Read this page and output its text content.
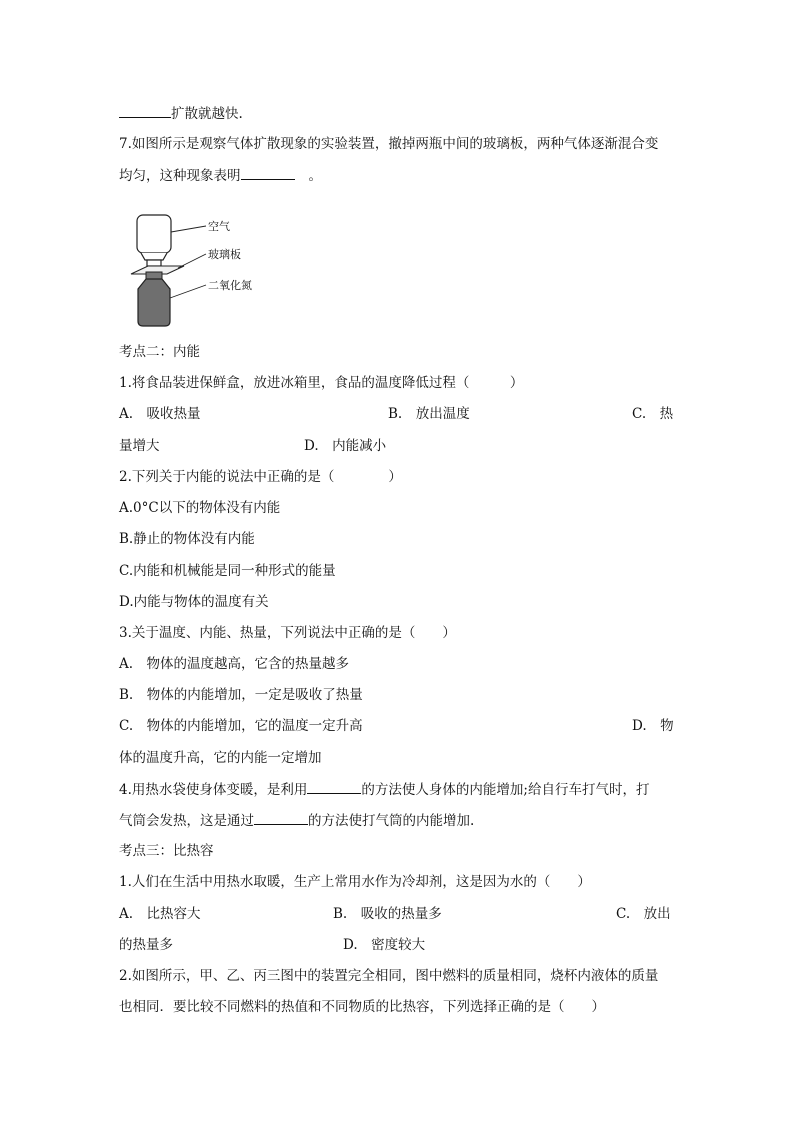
扩散就越快.
7.如图所示是观察气体扩散现象的实验装置，撤掉两瓶中间的玻璃板，两种气体逐渐混合变
均匀，这种现象表明	。
空气
玻璃板
二氧化氮
考点二：内能
1.将食品装进保鲜盒，放进冰箱里，食品的温度降低过程（　　　）
A.　吸收热量	B.　放出温度	C.　热
量增大	D.　内能减小
2.下列关于内能的说法中正确的是（　　　　）
A.0°C以下的物体没有内能
B.静止的物体没有内能
C.内能和机械能是同一种形式的能量
D.内能与物体的温度有关
3.关于温度、内能、热量，下列说法中正确的是（　　）
A.　物体的温度越高，它含的热量越多
B.　物体的内能增加，一定是吸收了热量
C.　物体的内能增加，它的温度一定升高	D.　物
体的温度升高，它的内能一定增加
4.用热水袋使身体变暖，是利用	的方法使人身体的内能增加;给自行车打气时，打
气筒会发热，这是通过	的方法使打气筒的内能增加.
考点三：比热容
1.人们在生活中用热水取暖，生产上常用水作为冷却剂，这是因为水的（　　）
A.　比热容大	B.　吸收的热量多	C.　放出
的热量多	D.　密度较大
2.如图所示，甲、乙、丙三图中的装置完全相同，图中燃料的质量相同，烧杯内液体的质量
也相同．要比较不同燃料的热值和不同物质的比热容，下列选择正确的是（　　）
